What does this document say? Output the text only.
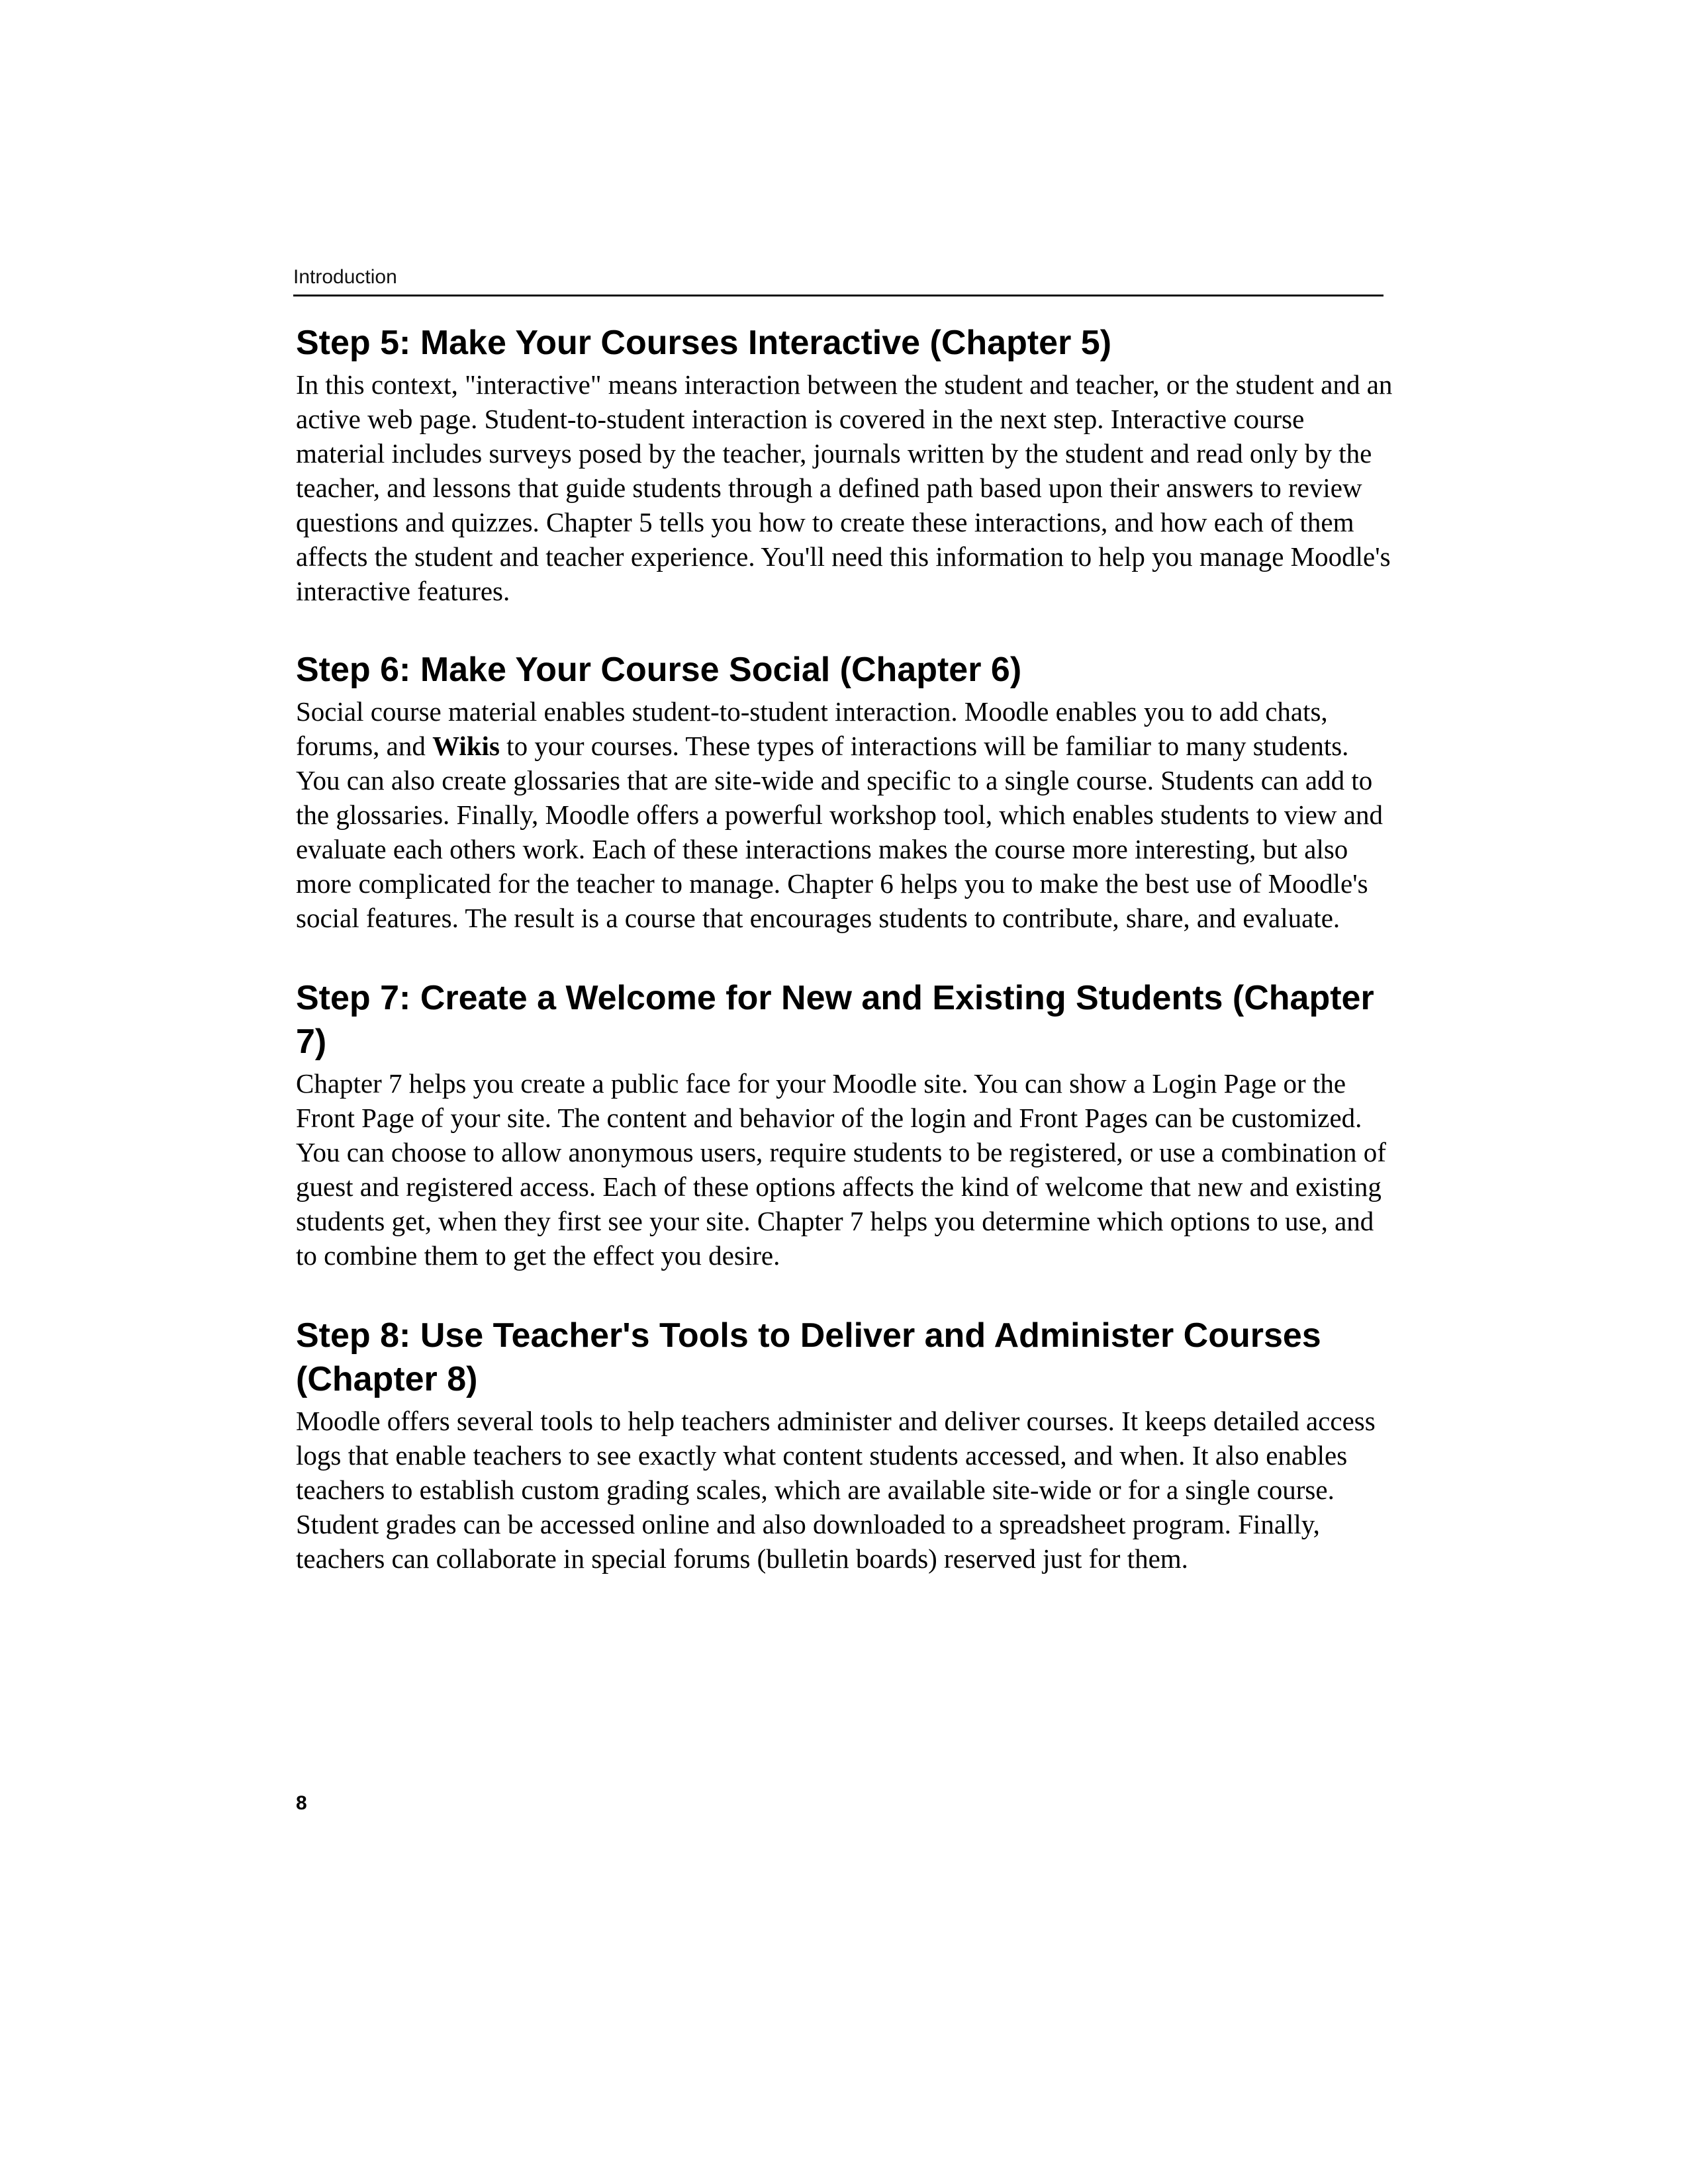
Introduction
Step 5: Make Your Courses Interactive (Chapter 5)

In this context, "interactive" means interaction between the student and teacher, or the student and an active web page. Student-to-student interaction is covered in the next step. Interactive course material includes surveys posed by the teacher, journals written by the student and read only by the teacher, and lessons that guide students through a defined path based upon their answers to review questions and quizzes. Chapter 5 tells you how to create these interactions, and how each of them affects the student and teacher experience. You'll need this information to help you manage Moodle's interactive features.

Step 6: Make Your Course Social (Chapter 6)

Social course material enables student-to-student interaction. Moodle enables you to add chats, forums, and Wikis to your courses. These types of interactions will be familiar to many students. You can also create glossaries that are site-wide and specific to a single course. Students can add to the glossaries. Finally, Moodle offers a powerful workshop tool, which enables students to view and evaluate each others work. Each of these interactions makes the course more interesting, but also more complicated for the teacher to manage. Chapter 6 helps you to make the best use of Moodle's social features. The result is a course that encourages students to contribute, share, and evaluate.

Step 7: Create a Welcome for New and Existing Students (Chapter 7)

Chapter 7 helps you create a public face for your Moodle site. You can show a Login Page or the Front Page of your site. The content and behavior of the login and Front Pages can be customized. You can choose to allow anonymous users, require students to be registered, or use a combination of guest and registered access. Each of these options affects the kind of welcome that new and existing students get, when they first see your site. Chapter 7 helps you determine which options to use, and to combine them to get the effect you desire.

Step 8: Use Teacher's Tools to Deliver and Administer Courses (Chapter 8)

Moodle offers several tools to help teachers administer and deliver courses. It keeps detailed access logs that enable teachers to see exactly what content students accessed, and when. It also enables teachers to establish custom grading scales, which are available site-wide or for a single course. Student grades can be accessed online and also downloaded to a spreadsheet program. Finally, teachers can collaborate in special forums (bulletin boards) reserved just for them.

8
